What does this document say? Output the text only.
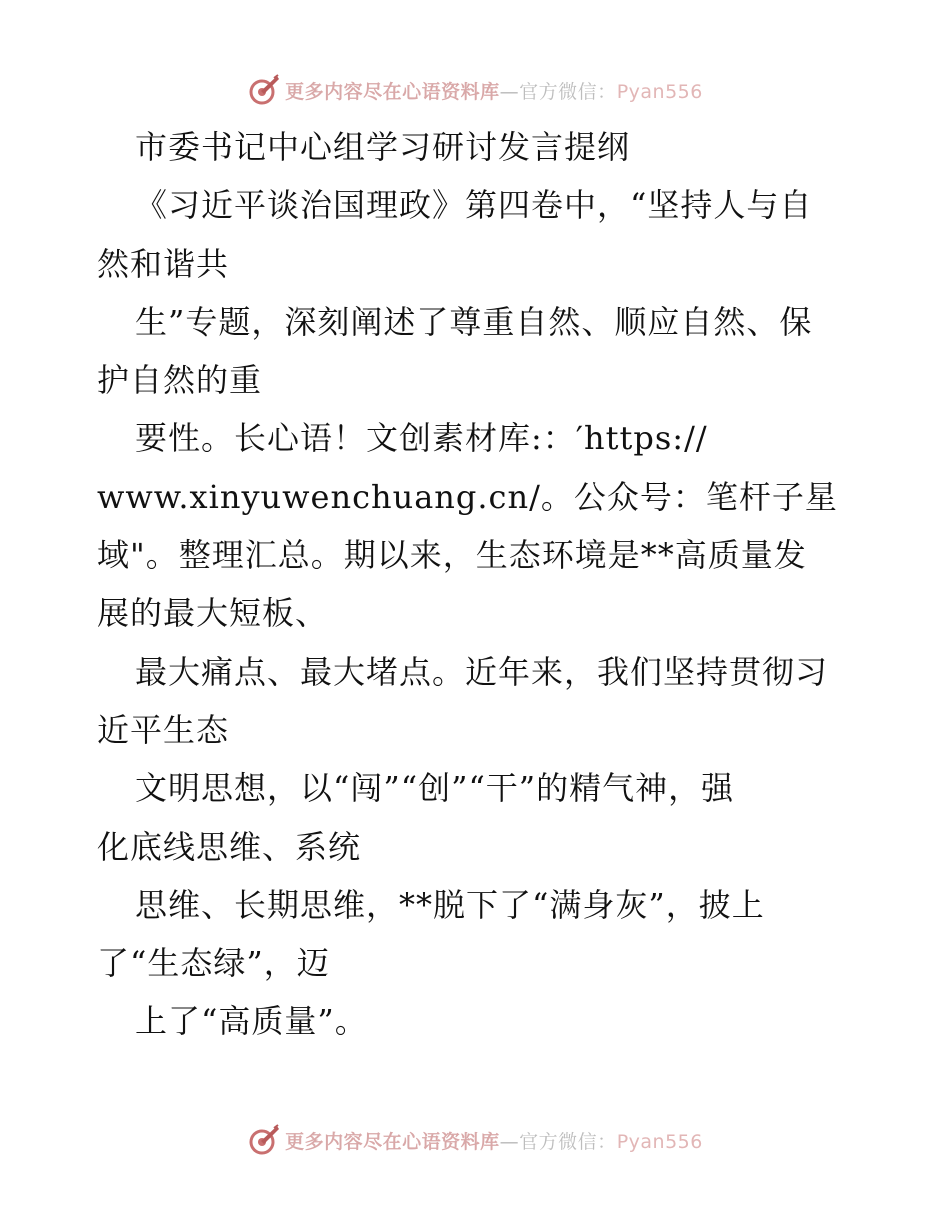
更多内容尽在心语资料库—官方微信：Pyan556
市委书记中心组学习研讨发言提纲
《习近平谈治国理政》第四卷中，“坚持人与自
然和谐共
生”专题，深刻阐述了尊重自然、顺应自然、保
护自然的重
要性。长心语！文创素材库:：′https://
www.xinyuwenchuang.cn/。公众号：笔杆子星
域"。整理汇总。期以来，生态环境是**高质量发
展的最大短板、
最大痛点、最大堵点。近年来，我们坚持贯彻习
近平生态
文明思想，以“闯”“创”“干”的精气神，强
化底线思维、系统
思维、长期思维，**脱下了“满身灰”，披上
了“生态绿”，迈
上了“高质量”。
更多内容尽在心语资料库—官方微信：Pyan556
